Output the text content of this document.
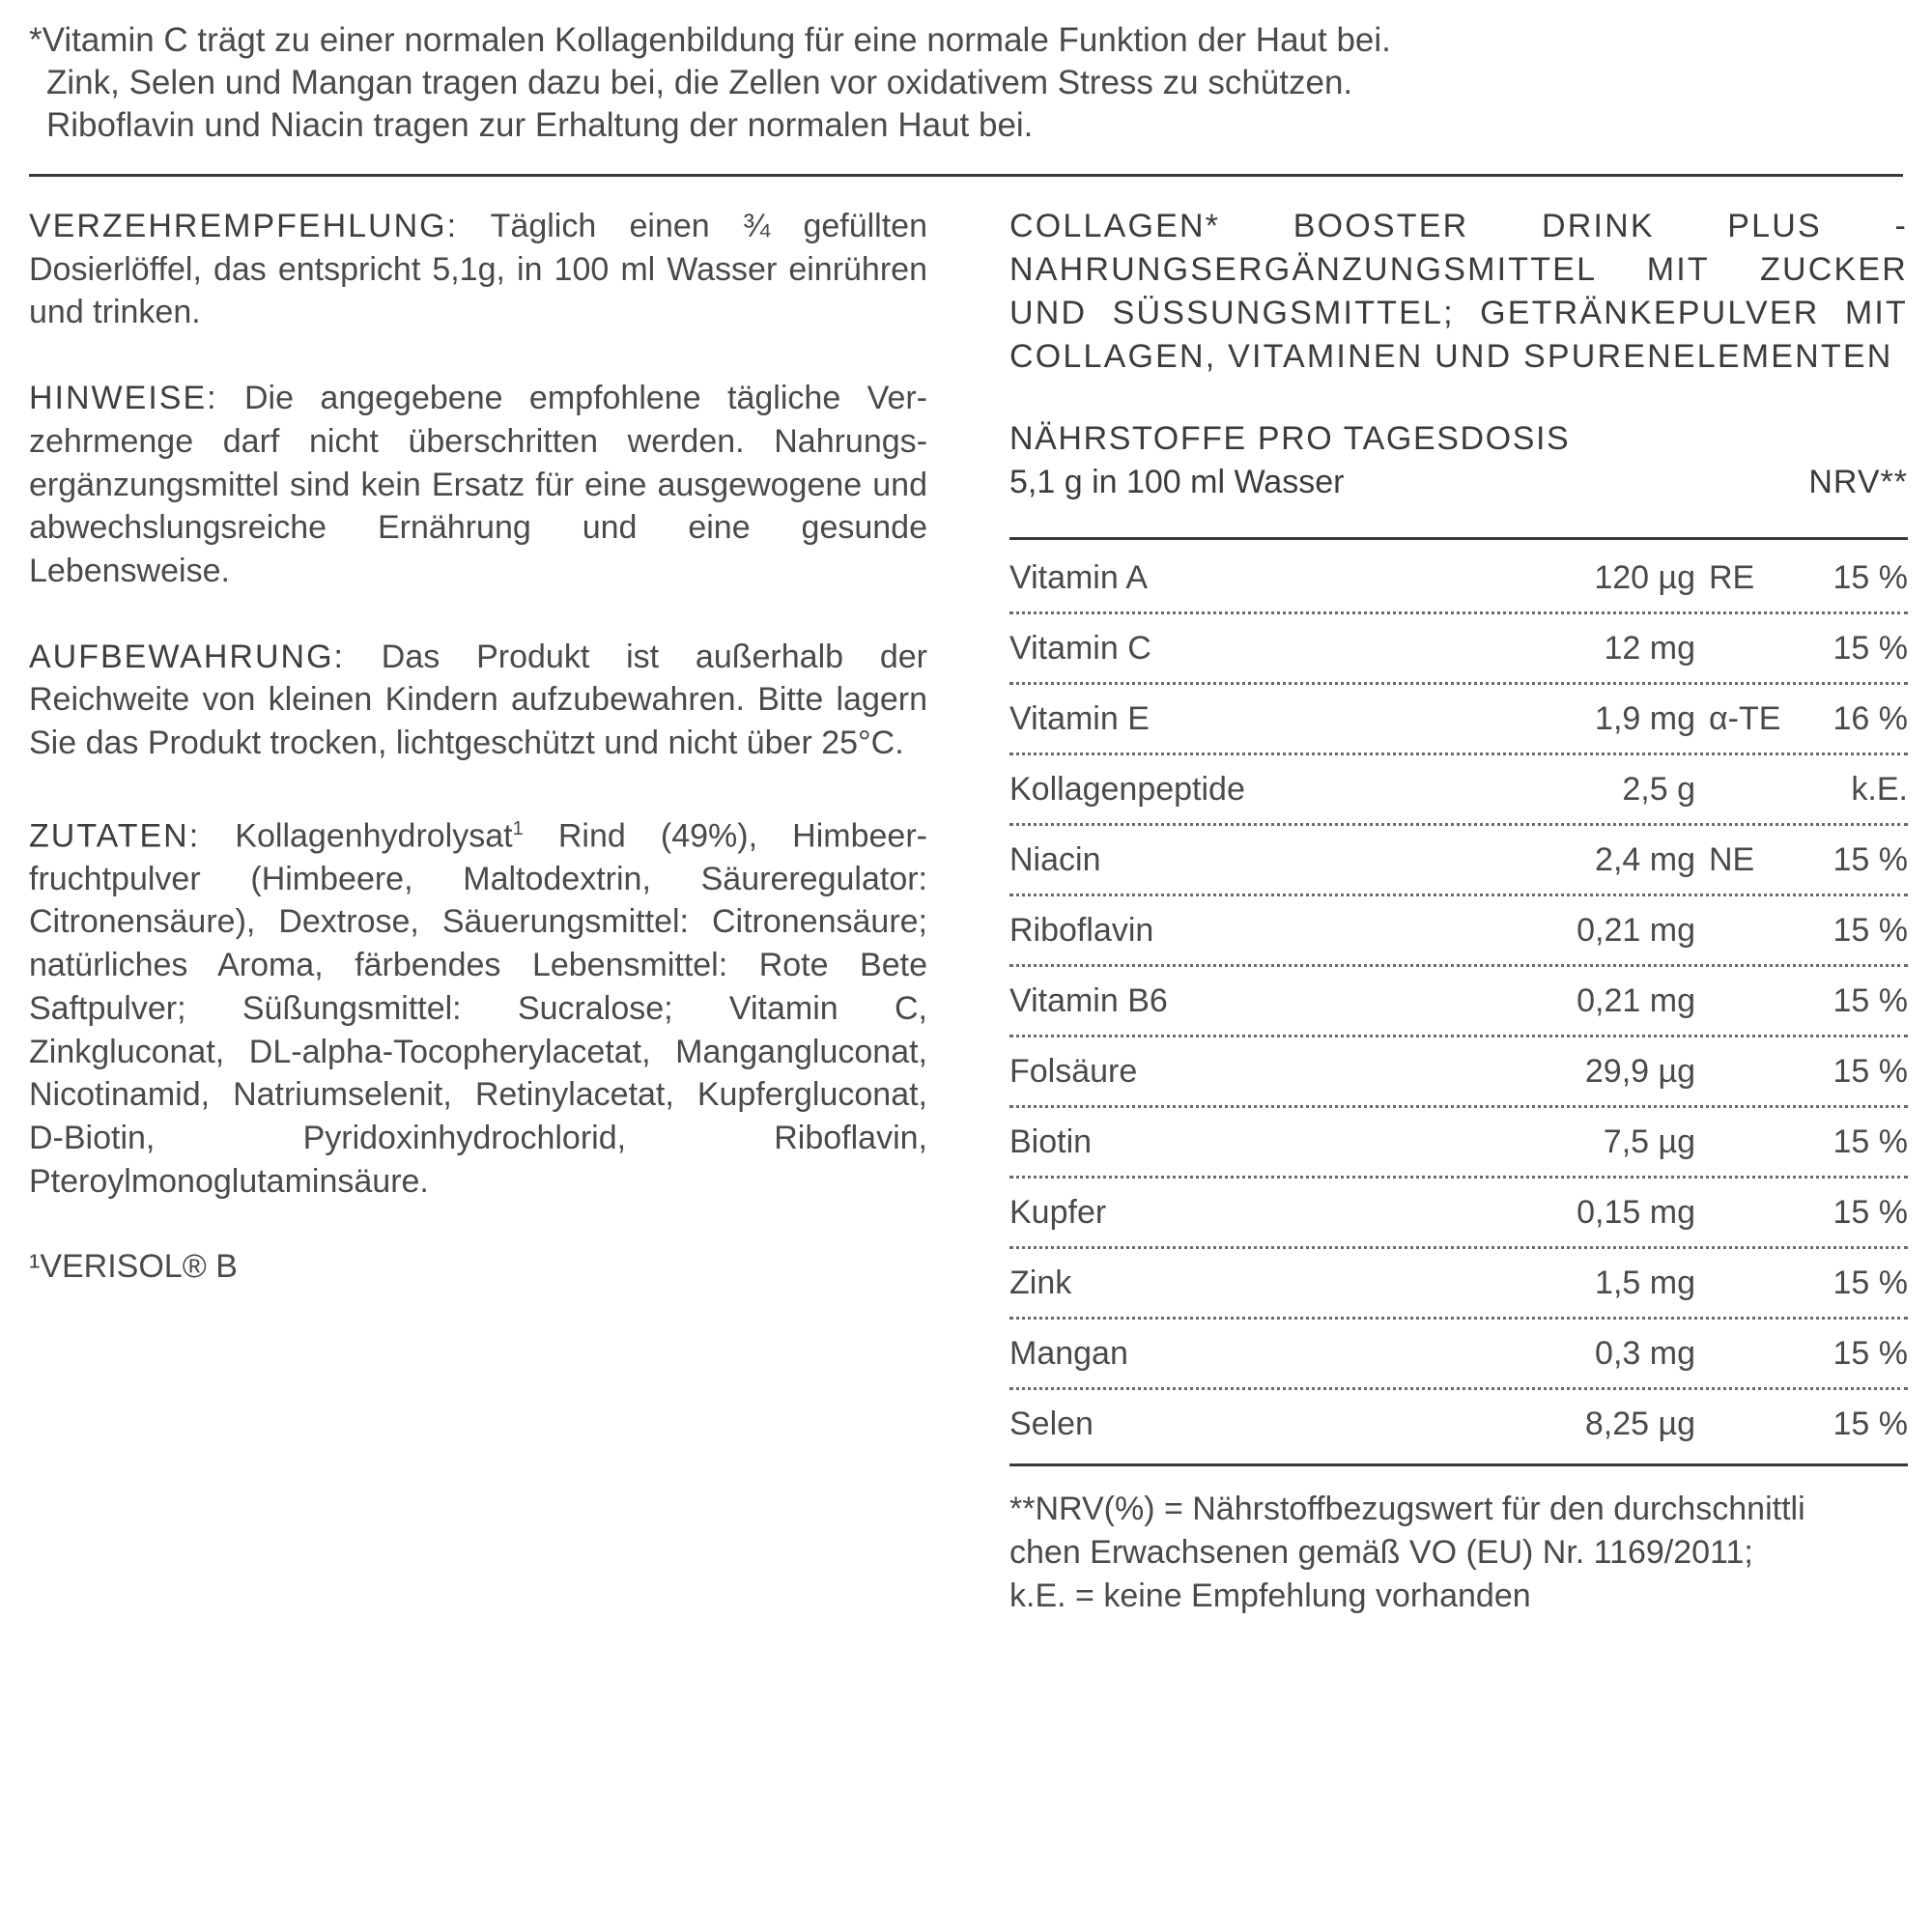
*Vitamin C trägt zu einer normalen Kollagenbildung für eine normale Funktion der Haut bei.
Zink, Selen und Mangan tragen dazu bei, die Zellen vor oxidativem Stress zu schützen.
Riboflavin und Niacin tragen zur Erhaltung der normalen Haut bei.

VERZEHREMPFEHLUNG: Täglich einen ¾ gefüllten Dosierlöffel, das entspricht 5,1g, in 100 ml Wasser einrühren und trinken.

HINWEISE: Die angegebene empfohlene tägliche Verzehrmenge darf nicht überschritten werden. Nahrungsergänzungsmittel sind kein Ersatz für eine ausgewogene und abwechslungsreiche Ernährung und eine gesunde Lebensweise.

AUFBEWAHRUNG: Das Produkt ist außerhalb der Reichweite von kleinen Kindern aufzubewahren. Bitte lagern Sie das Produkt trocken, lichtgeschützt und nicht über 25°C.

ZUTATEN: Kollagenhydrolysat$^1$ Rind (49%), Himbeerfruchtpulver (Himbeere, Maltodextrin, Säureregulator: Citronensäure), Dextrose, Säuerungsmittel: Citronensäure; natürliches Aroma, färbendes Lebensmittel: Rote Bete Saftpulver; Süßungsmittel: Sucralose; Vitamin C, Zinkgluconat, DL-alpha-Tocopherylacetat, Mangangluconat, Nicotinamid, Natriumselenit, Retinylacetat, Kupfergluconat, D-Biotin, Pyridoxinhydrochlorid, Riboflavin, Pteroylmonoglutaminsäure.

¹VERISOL® B

COLLAGEN* BOOSTER DRINK PLUS - NAHRUNGSERGÄNZUNGSMITTEL MIT ZUCKER UND SÜSSUNGSMITTEL; GETRÄNKEPULVER MIT COLLAGEN, VITAMINEN UND SPURENELEMENTEN
NÄHRSTOFFE PRO TAGESDOSIS
5,1 g in 100 ml Wasser	NRV**
Vitamin A	120 µg RE	15 %
Vitamin C	12 mg	15 %
Vitamin E	1,9 mg α-TE	16 %
Kollagenpeptide	2,5 g	k.E.
Niacin	2,4 mg NE	15 %
Riboflavin	0,21 mg	15 %
Vitamin B6	0,21 mg	15 %
Folsäure	29,9 µg	15 %
Biotin	7,5 µg	15 %
Kupfer	0,15 mg	15 %
Zink	1,5 mg	15 %
Mangan	0,3 mg	15 %
Selen	8,25 µg	15 %
**NRV(%) = Nährstoffbezugswert für den durchschnittli
chen Erwachsenen gemäß VO (EU) Nr. 1169/2011;
k.E. = keine Empfehlung vorhanden
